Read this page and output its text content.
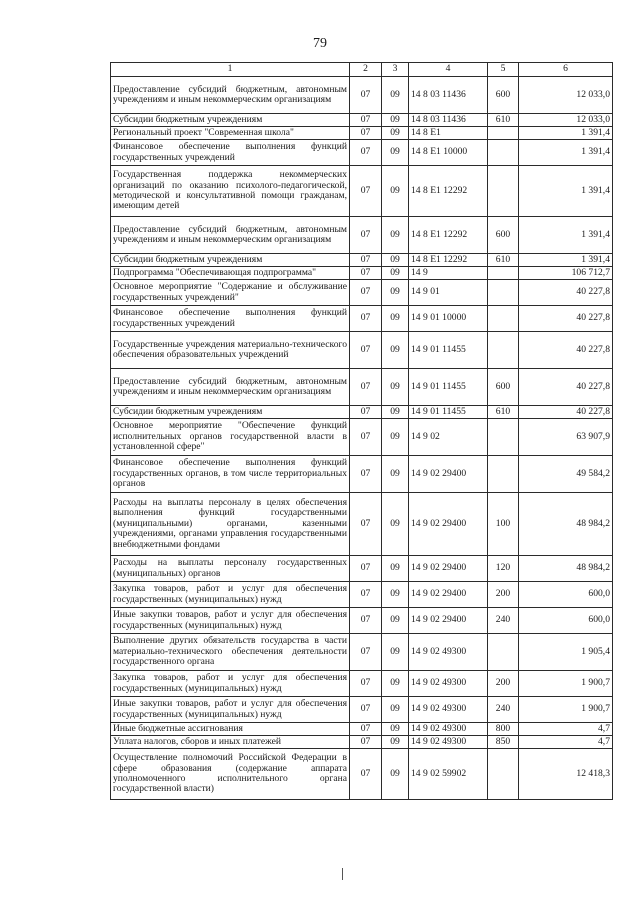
79
1	2	3	4	5	6
Предоставление субсидий бюджетным, автономным учреждениям и иным некоммерческим организациям	07	09	14 8 03 11436	600	12 033,0
Субсидии бюджетным учреждениям	07	09	14 8 03 11436	610	12 033,0
Региональный проект "Современная школа"	07	09	14 8 E1		1 391,4
Финансовое обеспечение выполнения функций государственных учреждений	07	09	14 8 E1 10000		1 391,4
Государственная поддержка некоммерческих организаций по оказанию психолого-педагогической, методической и консультативной помощи гражданам, имеющим детей	07	09	14 8 E1 12292		1 391,4
Предоставление субсидий бюджетным, автономным учреждениям и иным некоммерческим организациям	07	09	14 8 E1 12292	600	1 391,4
Субсидии бюджетным учреждениям	07	09	14 8 E1 12292	610	1 391,4
Подпрограмма "Обеспечивающая подпрограмма"	07	09	14 9		106 712,7
Основное мероприятие "Содержание и обслуживание государственных учреждений"	07	09	14 9 01		40 227,8
Финансовое обеспечение выполнения функций государственных учреждений	07	09	14 9 01 10000		40 227,8
Государственные учреждения материально-технического обеспечения образовательных учреждений	07	09	14 9 01 11455		40 227,8
Предоставление субсидий бюджетным, автономным учреждениям и иным некоммерческим организациям	07	09	14 9 01 11455	600	40 227,8
Субсидии бюджетным учреждениям	07	09	14 9 01 11455	610	40 227,8
Основное мероприятие "Обеспечение функций исполнительных органов государственной власти в установленной сфере"	07	09	14 9 02		63 907,9
Финансовое обеспечение выполнения функций государственных органов, в том числе территориальных органов	07	09	14 9 02 29400		49 584,2
Расходы на выплаты персоналу в целях обеспечения выполнения функций государственными (муниципальными) органами, казенными учреждениями, органами управления государственными внебюджетными фондами	07	09	14 9 02 29400	100	48 984,2
Расходы на выплаты персоналу государственных (муниципальных) органов	07	09	14 9 02 29400	120	48 984,2
Закупка товаров, работ и услуг для обеспечения государственных (муниципальных) нужд	07	09	14 9 02 29400	200	600,0
Иные закупки товаров, работ и услуг для обеспечения государственных (муниципальных) нужд	07	09	14 9 02 29400	240	600,0
Выполнение других обязательств государства в части материально-технического обеспечения деятельности государственного органа	07	09	14 9 02 49300		1 905,4
Закупка товаров, работ и услуг для обеспечения государственных (муниципальных) нужд	07	09	14 9 02 49300	200	1 900,7
Иные закупки товаров, работ и услуг для обеспечения государственных (муниципальных) нужд	07	09	14 9 02 49300	240	1 900,7
Иные бюджетные ассигнования	07	09	14 9 02 49300	800	4,7
Уплата налогов, сборов и иных платежей	07	09	14 9 02 49300	850	4,7
Осуществление полномочий Российской Федерации в сфере образования (содержание аппарата уполномоченного исполнительного органа государственной власти)	07	09	14 9 02 59902		12 418,3
